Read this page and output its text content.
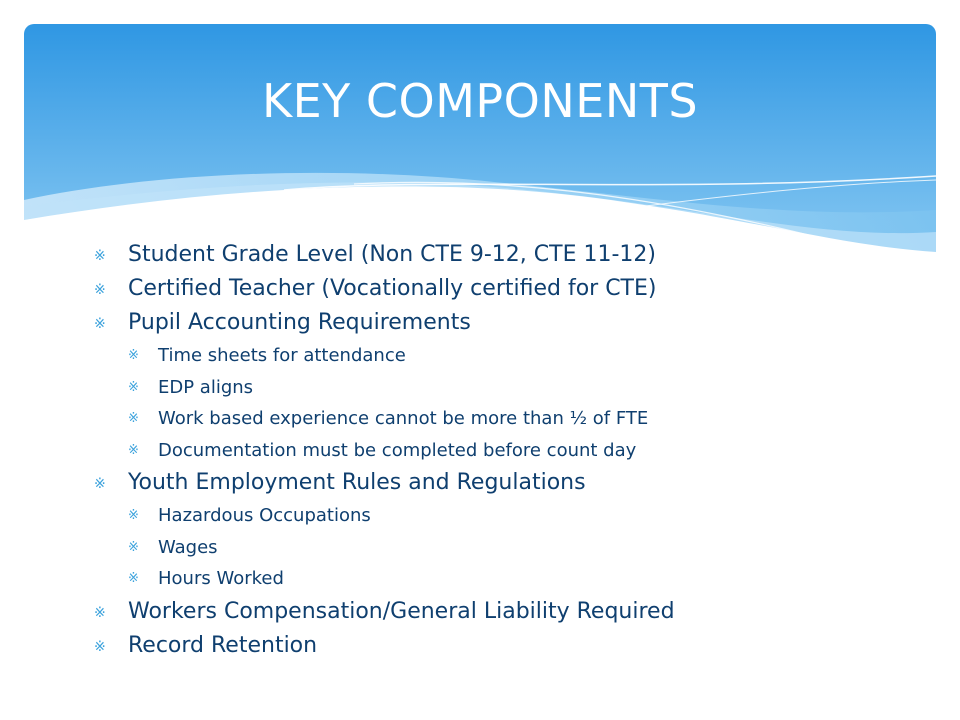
KEY COMPONENTS
※ Student Grade Level (Non CTE 9-12, CTE 11-12)
※ Certified Teacher (Vocationally certified for CTE)
※ Pupil Accounting Requirements
※ Time sheets for attendance
※ EDP aligns
※ Work based experience cannot be more than ½ of FTE
※ Documentation must be completed before count day
※ Youth Employment Rules and Regulations
※ Hazardous Occupations
※ Wages
※ Hours Worked
※ Workers Compensation/General Liability Required
※ Record Retention
